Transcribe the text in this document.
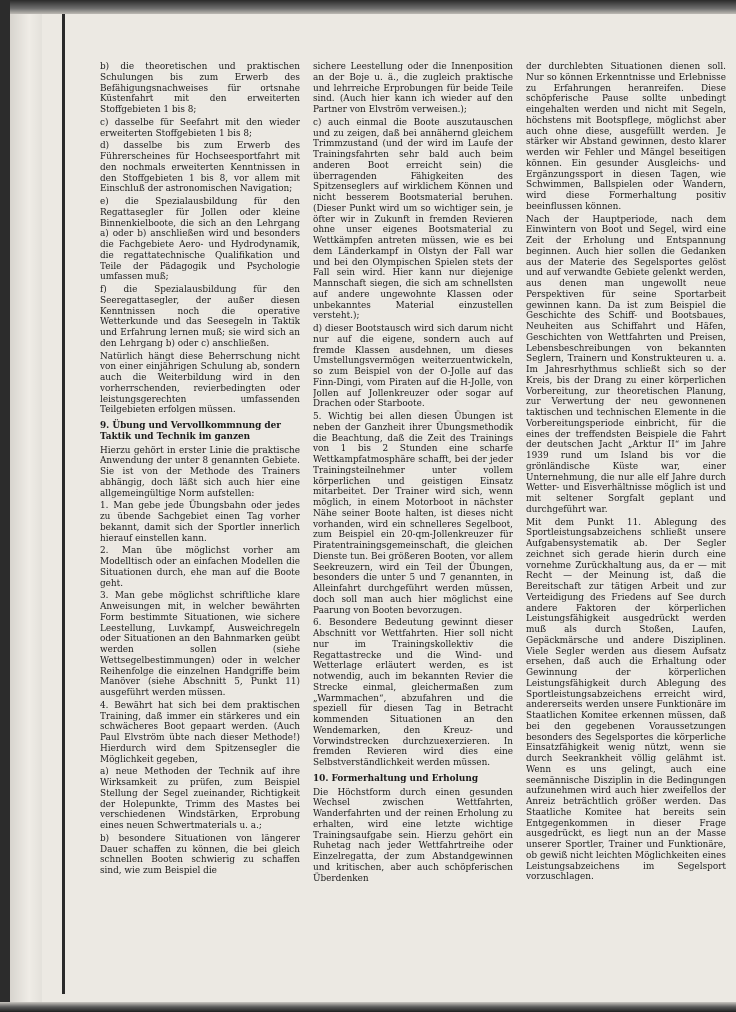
b) die theoretischen und praktischen Schulungen bis zum Erwerb des Befähigungsnachweises für ortsnahe Küstenfahrt mit den erweiterten Stoffgebieten 1 bis 8;

c) dasselbe für Seefahrt mit den wieder erweiterten Stoffgebieten 1 bis 8;

d) dasselbe bis zum Erwerb des Führerscheines für Hochseesportfahrt mit den nochmals erweiterten Kenntnissen in den Stoffgebieten 1 bis 8, vor allem mit Einschluß der astronomischen Navigation;

e) die Spezialausbildung für den Regattasegler für Jollen oder kleine Binnenkielboote, die sich an den Lehrgang a) oder b) anschließen wird und besonders die Fachgebiete Aero- und Hydrodynamik, die regattatechnische Qualifikation und Teile der Pädagogik und Psychologie umfassen muß;

f) die Spezialausbildung für den Seeregattasegler, der außer diesen Kenntnissen noch die operative Wetterkunde und das Seesegeln in Taktik und Erfahrung lernen muß; sie wird sich an den Lehrgang b) oder c) anschließen.

Natürlich hängt diese Beherrschung nicht von einer einjährigen Schulung ab, sondern auch die Weiterbildung wird in den vorherrschenden, revierbedingten oder leistungsgerechten umfassenden Teilgebieten erfolgen müssen.

9. Übung und Vervollkommnung der Taktik und Technik im ganzen

Hierzu gehört in erster Linie die praktische Anwendung der unter 8 genannten Gebiete. Sie ist von der Methode des Trainers abhängig, doch läßt sich auch hier eine allgemeingültige Norm aufstellen:

1. Man gebe jede Übungsbahn oder jedes zu übende Sachgebiet einen Tag vorher bekannt, damit sich der Sportler innerlich hierauf einstellen kann.

2. Man übe möglichst vorher am Modelltisch oder an einfachen Modellen die Situationen durch, ehe man auf die Boote geht.

3. Man gebe möglichst schriftliche klare Anweisungen mit, in welcher bewährten Form bestimmte Situationen, wie sichere Leestellung, Luvkampf, Ausweichregeln oder Situationen an den Bahnmarken geübt werden sollen (siehe Wettsegelbestimmungen) oder in welcher Reihenfolge die einzelnen Handgriffe beim Manöver (siehe Abschnitt 5, Punkt 11) ausgeführt werden müssen.

4. Bewährt hat sich bei dem praktischen Training, daß immer ein stärkeres und ein schwächeres Boot gepaart werden. (Auch Paul Elvström übte nach dieser Methode!) Hierdurch wird dem Spitzensegler die Möglichkeit gegeben,

a) neue Methoden der Technik auf ihre Wirksamkeit zu prüfen, zum Beispiel Stellung der Segel zueinander, Richtigkeit der Holepunkte, Trimm des Mastes bei verschiedenen Windstärken, Erprobung eines neuen Schwertmaterials u. a.;

b) besondere Situationen von längerer Dauer schaffen zu können, die bei gleich schnellen Booten schwierig zu schaffen sind, wie zum Beispiel die

sichere Leestellung oder die Innenposition an der Boje u. ä., die zugleich praktische und lehrreiche Erprobungen für beide Teile sind. (Auch hier kann ich wieder auf den Partner von Elvström verweisen.);

c) auch einmal die Boote auszutauschen und zu zeigen, daß bei annähernd gleichem Trimmzustand (und der wird im Laufe der Trainingsfahrten sehr bald auch beim anderen Boot erreicht sein) die überragenden Fähigkeiten des Spitzenseglers auf wirklichem Können und nicht besserem Bootsmaterial beruhen. (Dieser Punkt wird um so wichtiger sein, je öfter wir in Zukunft in fremden Revieren ohne unser eigenes Bootsmaterial zu Wettkämpfen antreten müssen, wie es bei dem Länderkampf in Olstyn der Fall war und bei den Olympischen Spielen stets der Fall sein wird. Hier kann nur diejenige Mannschaft siegen, die sich am schnellsten auf andere ungewohnte Klassen oder unbekanntes Material einzustellen versteht.);

d) dieser Bootstausch wird sich darum nicht nur auf die eigene, sondern auch auf fremde Klassen ausdehnen, um dieses Umstellungsvermögen weiterzuentwickeln, so zum Beispiel von der O-Jolle auf das Finn-Dingi, vom Piraten auf die H-Jolle, von Jollen auf Jollenkreuzer oder sogar auf Drachen oder Starboote.

5. Wichtig bei allen diesen Übungen ist neben der Ganzheit ihrer Übungsmethodik die Beachtung, daß die Zeit des Trainings von 1 bis 2 Stunden eine scharfe Wettkampfatmosphäre schafft, bei der jeder Trainingsteilnehmer unter vollem körperlichen und geistigen Einsatz mitarbeitet. Der Trainer wird sich, wenn möglich, in einem Motorboot in nächster Nähe seiner Boote halten, ist dieses nicht vorhanden, wird ein schnelleres Segelboot, zum Beispiel ein 20-qm-Jollenkreuzer für Piratentrainingsgemeinschaft, die gleichen Dienste tun. Bei größeren Booten, vor allem Seekreuzern, wird ein Teil der Übungen, besonders die unter 5 und 7 genannten, in Alleinfahrt durchgeführt werden müssen, doch soll man auch hier möglichst eine Paarung von Booten bevorzugen.

6. Besondere Bedeutung gewinnt dieser Abschnitt vor Wettfahrten. Hier soll nicht nur im Trainingskollektiv die Regattastrecke und die Wind- und Wetterlage erläutert werden, es ist notwendig, auch im bekannten Revier die Strecke einmal, gleichermaßen zum „Warmmachen“, abzufahren und die speziell für diesen Tag in Betracht kommenden Situationen an den Wendemarken, den Kreuz- und Vorwindstrecken durchzuexerzieren. In fremden Revieren wird dies eine Selbstverständlichkeit werden müssen.

10. Formerhaltung und Erholung

Die Höchstform durch einen gesunden Wechsel zwischen Wettfahrten, Wanderfahrten und der reinen Erholung zu erhalten, wird eine letzte wichtige Trainingsaufgabe sein. Hierzu gehört ein Ruhetag nach jeder Wettfahrtreihe oder Einzelregatta, der zum Abstandgewinnen und kritischen, aber auch schöpferischen Überdenken

der durchlebten Situationen dienen soll. Nur so können Erkenntnisse und Erlebnisse zu Erfahrungen heranreifen. Diese schöpferische Pause sollte unbedingt eingehalten werden und nicht mit Segeln, höchstens mit Bootspflege, möglichst aber auch ohne diese, ausgefüllt werden. Je stärker wir Abstand gewinnen, desto klarer werden wir Fehler und Mängel beseitigen können. Ein gesunder Ausgleichs- und Ergänzungssport in diesen Tagen, wie Schwimmen, Ballspielen oder Wandern, wird diese Formerhaltung positiv beeinflussen können.

Nach der Hauptperiode, nach dem Einwintern von Boot und Segel, wird eine Zeit der Erholung und Entspannung beginnen. Auch hier sollen die Gedanken aus der Materie des Segelsportes gelöst und auf verwandte Gebiete gelenkt werden, aus denen man ungewollt neue Perspektiven für seine Sportarbeit gewinnen kann. Da ist zum Beispiel die Geschichte des Schiff- und Bootsbaues, Neuheiten aus Schiffahrt und Häfen, Geschichten von Wettfahrten und Preisen, Lebensbeschreibungen von bekannten Seglern, Trainern und Konstrukteuren u. a. Im Jahresrhythmus schließt sich so der Kreis, bis der Drang zu einer körperlichen Vorbereitung, zur theoretischen Planung, zur Verwertung der neu gewonnenen taktischen und technischen Elemente in die Vorbereitungsperiode einbricht, für die eines der treffendsten Beispiele die Fahrt der deutschen Jacht „Arktur II“ im Jahre 1939 rund um Island bis vor die grönländische Küste war, einer Unternehmung, die nur alle elf Jahre durch Wetter- und Eisverhältnisse möglich ist und mit seltener Sorgfalt geplant und durchgeführt war.

Mit dem Punkt 11. Ablegung des Sportleistungsabzeichens schließt unsere Aufgabensystematik ab. Der Segler zeichnet sich gerade hierin durch eine vornehme Zurückhaltung aus, da er — mit Recht — der Meinung ist, daß die Bereitschaft zur tätigen Arbeit und zur Verteidigung des Friedens auf See durch andere Faktoren der körperlichen Leistungsfähigkeit ausgedrückt werden muß als durch Stoßen, Laufen, Gepäckmärsche und andere Disziplinen. Viele Segler werden aus diesem Aufsatz ersehen, daß auch die Erhaltung oder Gewinnung der körperlichen Leistungsfähigkeit durch Ablegung des Sportleistungsabzeichens erreicht wird, andererseits werden unsere Funktionäre im Staatlichen Komitee erkennen müssen, daß bei den gegebenen Voraussetzungen besonders des Segelsportes die körperliche Einsatzfähigkeit wenig nützt, wenn sie durch Seekrankheit völlig gelähmt ist. Wenn es uns gelingt, auch eine seemännische Disziplin in die Bedingungen aufzunehmen wird auch hier zweifellos der Anreiz beträchtlich größer werden. Das Staatliche Komitee hat bereits sein Entgegenkommen in dieser Frage ausgedrückt, es liegt nun an der Masse unserer Sportler, Trainer und Funktionäre, ob gewiß nicht leichten Möglichkeiten eines Leistungsabzeichens im Segelsport vorzuschlagen.
